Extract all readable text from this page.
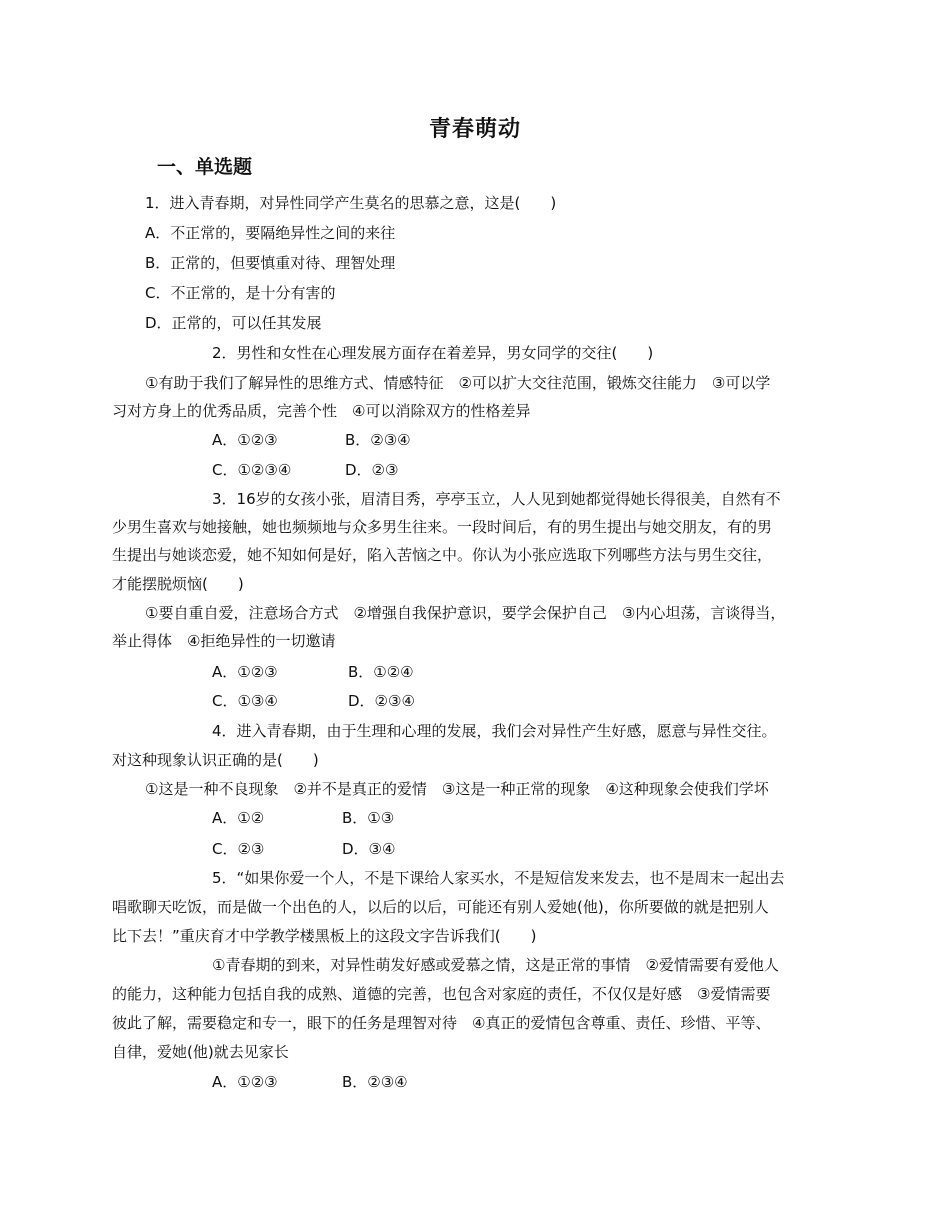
青春萌动
一、单选题
1．进入青春期，对异性同学产生莫名的思慕之意，这是(　　)
A．不正常的，要隔绝异性之间的来往
B．正常的，但要慎重对待、理智处理
C．不正常的，是十分有害的
D．正常的，可以任其发展
2．男性和女性在心理发展方面存在着差异，男女同学的交往(　　)
①有助于我们了解异性的思维方式、情感特征　②可以扩大交往范围，锻炼交往能力　③可以学
习对方身上的优秀品质，完善个性　④可以消除双方的性格差异
A．①②③	B．②③④
C．①②③④	D．②③
3．16岁的女孩小张，眉清目秀，亭亭玉立，人人见到她都觉得她长得很美，自然有不
少男生喜欢与她接触，她也频频地与众多男生往来。一段时间后，有的男生提出与她交朋友，有的男
生提出与她谈恋爱，她不知如何是好，陷入苦恼之中。你认为小张应选取下列哪些方法与男生交往，
才能摆脱烦恼(　　)
①要自重自爱，注意场合方式　②增强自我保护意识，要学会保护自己　③内心坦荡，言谈得当，
举止得体　④拒绝异性的一切邀请
A．①②③	B．①②④
C．①③④	D．②③④
4．进入青春期，由于生理和心理的发展，我们会对异性产生好感，愿意与异性交往。
对这种现象认识正确的是(　　)
①这是一种不良现象　②并不是真正的爱情　③这是一种正常的现象　④这种现象会使我们学坏
A．①②	B．①③
C．②③	D．③④
5．“如果你爱一个人，不是下课给人家买水，不是短信发来发去，也不是周末一起出去
唱歌聊天吃饭，而是做一个出色的人，以后的以后，可能还有别人爱她(他)，你所要做的就是把别人
比下去！”重庆育才中学教学楼黑板上的这段文字告诉我们(　　)
①青春期的到来，对异性萌发好感或爱慕之情，这是正常的事情　②爱情需要有爱他人
的能力，这种能力包括自我的成熟、道德的完善，也包含对家庭的责任，不仅仅是好感　③爱情需要
彼此了解，需要稳定和专一，眼下的任务是理智对待　④真正的爱情包含尊重、责任、珍惜、平等、
自律，爱她(他)就去见家长
A．①②③	B．②③④
